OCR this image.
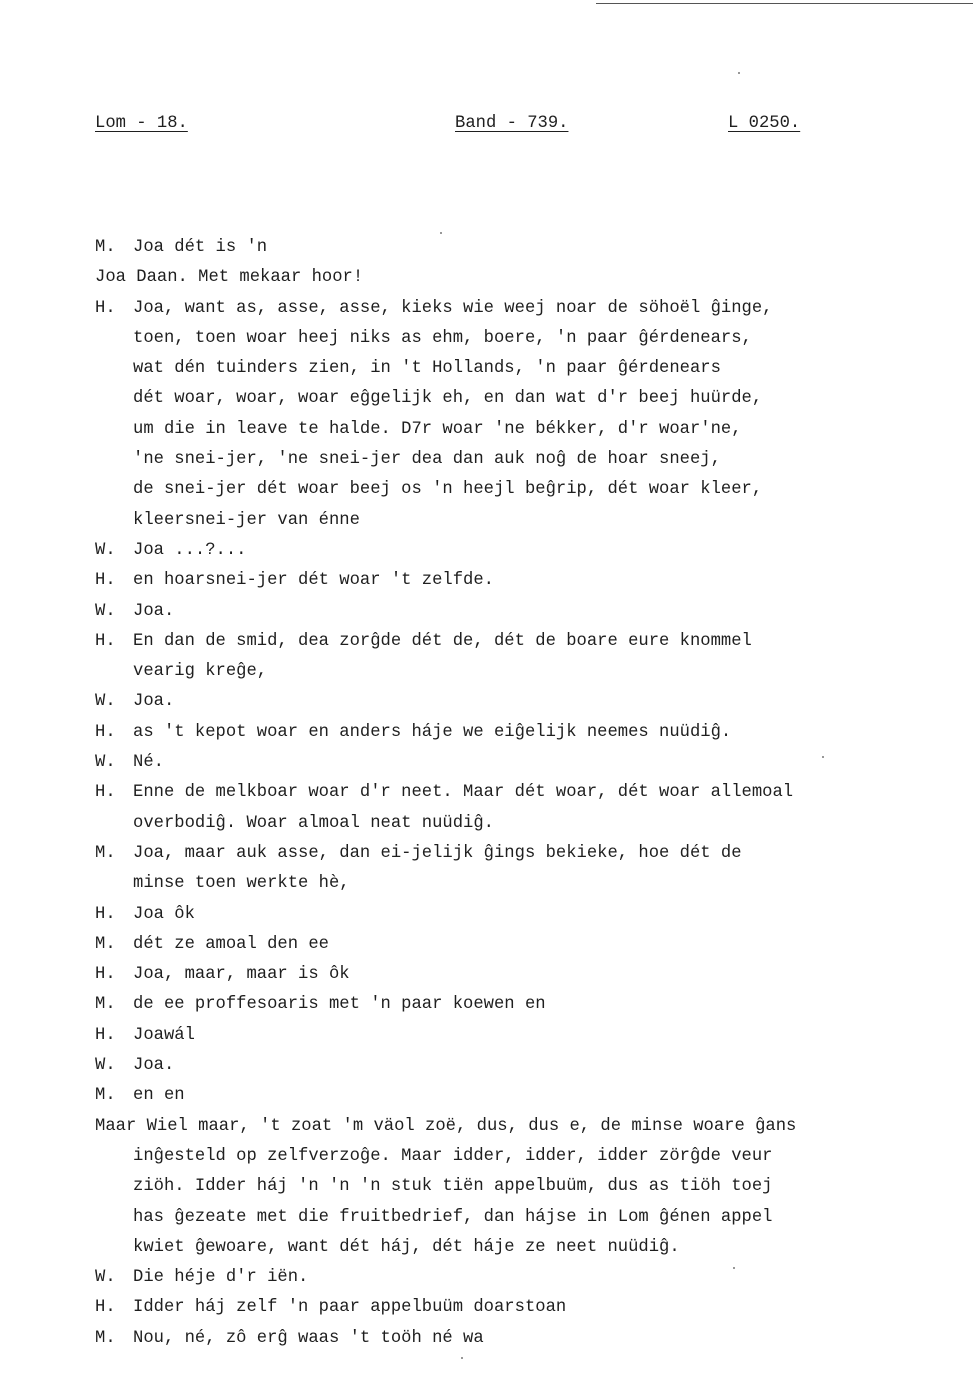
Lom - 18.	Band - 739.	L 0250.
M.	Joa dét is 'n
Joa Daan. Met mekaar hoor!
H.	Joa, want as, asse, asse, kieks wie weej noar de söhoël ĝinge,
toen, toen woar heej niks as ehm, boere, 'n paar ĝérdenears,
wat dén tuinders zien, in 't Hollands, 'n paar ĝérdenears
dét woar, woar, woar eĝgelijk eh, en dan wat d'r beej huürde,
um die in leave te halde. D7r woar 'ne békker, d'r woar'ne,
'ne snei-jer, 'ne snei-jer dea dan auk noĝ de hoar sneej,
de snei-jer dét woar beej os 'n heejl beĝrip, dét woar kleer,
kleersnei-jer van énne
W.	Joa ...?...
H.	en hoarsnei-jer dét woar 't zelfde.
W.	Joa.
H.	En dan de smid, dea zorĝde dét de, dét de boare eure knommel
vearig kreĝe,
W.	Joa.
H.	as 't kepot woar en anders háje we eiĝelijk neemes nuüdiĝ.
W.	Né.
H.	Enne de melkboar woar d'r neet. Maar dét woar, dét woar allemoal
overbodiĝ. Woar almoal neat nuüdiĝ.
M.	Joa, maar auk asse, dan ei-jelijk ĝings bekieke, hoe dét de
minse toen werkte hè,
H.	Joa ôk
M.	dét ze amoal den ee
H.	Joa, maar, maar is ôk
M.	de ee proffesoaris met 'n paar koewen en
H.	Joawál
W.	Joa.
M.	en en
Maar Wiel maar, 't zoat 'm väol zoë, dus, dus e, de minse woare ĝans
inĝesteld op zelfverzoĝe. Maar idder, idder, idder zörĝde veur
ziöh. Idder háj 'n 'n 'n stuk tiën appelbuüm, dus as tiöh toej
has ĝezeate met die fruitbedrief, dan hájse in Lom ĝénen appel
kwiet ĝewoare, want dét háj, dét háje ze neet nuüdiĝ.
W.	Die héje d'r iën.
H.	Idder háj zelf 'n paar appelbuüm doarstoan
M.	Nou, né, zô erĝ waas 't toöh né wa
